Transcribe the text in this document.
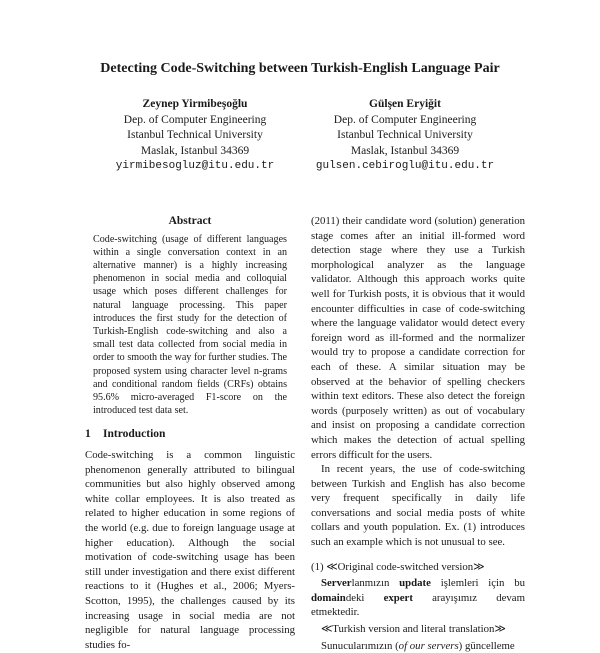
Detecting Code-Switching between Turkish-English Language Pair
Zeynep Yirmibeşoğlu
Dep. of Computer Engineering
Istanbul Technical University
Maslak, Istanbul 34369
yirmibesogluz@itu.edu.tr
Gülşen Eryiğit
Dep. of Computer Engineering
Istanbul Technical University
Maslak, Istanbul 34369
gulsen.cebiroglu@itu.edu.tr
Abstract

Code-switching (usage of different languages within a single conversation context in an alternative manner) is a highly increasing phenomenon in social media and colloquial usage which poses different challenges for natural language processing. This paper introduces the first study for the detection of Turkish-English code-switching and also a small test data collected from social media in order to smooth the way for further studies. The proposed system using character level n-grams and conditional random fields (CRFs) obtains 95.6% micro-averaged F1-score on the introduced test data set.

1 Introduction

Code-switching is a common linguistic phenomenon generally attributed to bilingual communities but also highly observed among white collar employees. It is also treated as related to higher education in some regions of the world (e.g. due to foreign language usage at higher education). Although the social motivation of code-switching usage has been still under investigation and there exist different reactions to it (Hughes et al., 2006; Myers-Scotton, 1995), the challenges caused by its increasing usage in social media are not negligible for natural language processing studies fo-

(2011) their candidate word (solution) generation stage comes after an initial ill-formed word detection stage where they use a Turkish morphological analyzer as the language validator. Although this approach works quite well for Turkish posts, it is obvious that it would encounter difficulties in case of code-switching where the language validator would detect every foreign word as ill-formed and the normalizer would try to propose a candidate correction for each of these. A similar situation may be observed at the behavior of spelling checkers within text editors. These also detect the foreign words (purposely written) as out of vocabulary and insist on proposing a candidate correction which makes the detection of actual spelling errors difficult for the users.

In recent years, the use of code-switching between Turkish and English has also become very frequent specifically in daily life conversations and social media posts of white collars and youth population. Ex. (1) introduces such an example which is not unusual to see.

(1) ≪Original code-switched version≫

Serverlanmızın update işlemleri için bu domaindeki expert arayışımız devam etmektedir.

≪Turkish version and literal translation≫

Sunucularımızın (of our servers) güncelleme
